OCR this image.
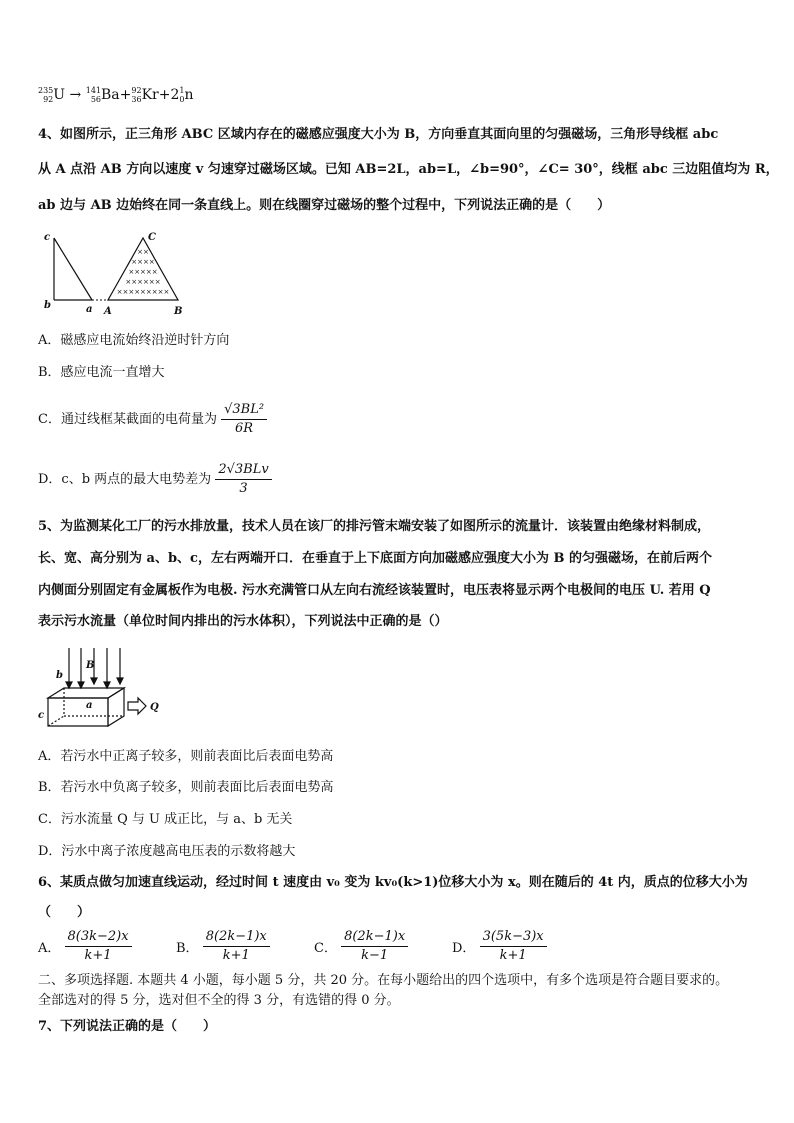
235
92 U → 141
56 Ba+ 92
36 Kr+2 1
0 n
4、如图所示，正三角形 ABC 区域内存在的磁感应强度大小为 B，方向垂直其面向里的匀强磁场，三角形导线框 abc
从 A 点沿 AB 方向以速度 v 匀速穿过磁场区域。已知 AB=2L，ab=L，∠b=90°，∠C= 30°，线框 abc 三边阻值均为 R，
ab 边与 AB 边始终在同一条直线上。则在线圈穿过磁场的整个过程中，下列说法正确的是（　　）
××
××××
×××××
××××××
×××××××××
c
b	a A	B
C
A．磁感应电流始终沿逆时针方向
B．感应电流一直增大
C．通过线框某截面的电荷量为 $\frac{\text{√3BL²}}{6R}$
D．c、b 两点的最大电势差为 $\frac{\text{2√3BLv}}{3}$
5、为监测某化工厂的污水排放量，技术人员在该厂的排污管末端安装了如图所示的流量计．该装置由绝缘材料制成，
长、宽、高分别为 a、b、c，左右两端开口．在垂直于上下底面方向加磁感应强度大小为 B 的匀强磁场，在前后两个
内侧面分别固定有金属板作为电极. 污水充满管口从左向右流经该装置时，电压表将显示两个电极间的电压 U. 若用 Q
表示污水流量（单位时间内排出的污水体积），下列说法中正确的是（）
b
B
a
c
Q
A．若污水中正离子较多，则前表面比后表面电势高
B．若污水中负离子较多，则前表面比后表面电势高
C．污水流量 Q 与 U 成正比，与 a、b 无关
D．污水中离子浓度越高电压表的示数将越大
6、某质点做匀加速直线运动，经过时间 t 速度由 v₀ 变为 kv₀(k>1)位移大小为 x。则在随后的 4t 内，质点的位移大小为
（　　）
A． $\frac{8(3k-2)x}{k+1}$	B． $\frac{8(2k-1)x}{k+1}$	C． $\frac{8(2k-1)x}{k-1}$	D． $\frac{3(5k-3)x}{k+1}$
二、多项选择题. 本题共 4 小题，每小题 5 分，共 20 分。在每小题给出的四个选项中，有多个选项是符合题目要求的。
全部选对的得 5 分，选对但不全的得 3 分，有选错的得 0 分。
7、下列说法正确的是（　　）
